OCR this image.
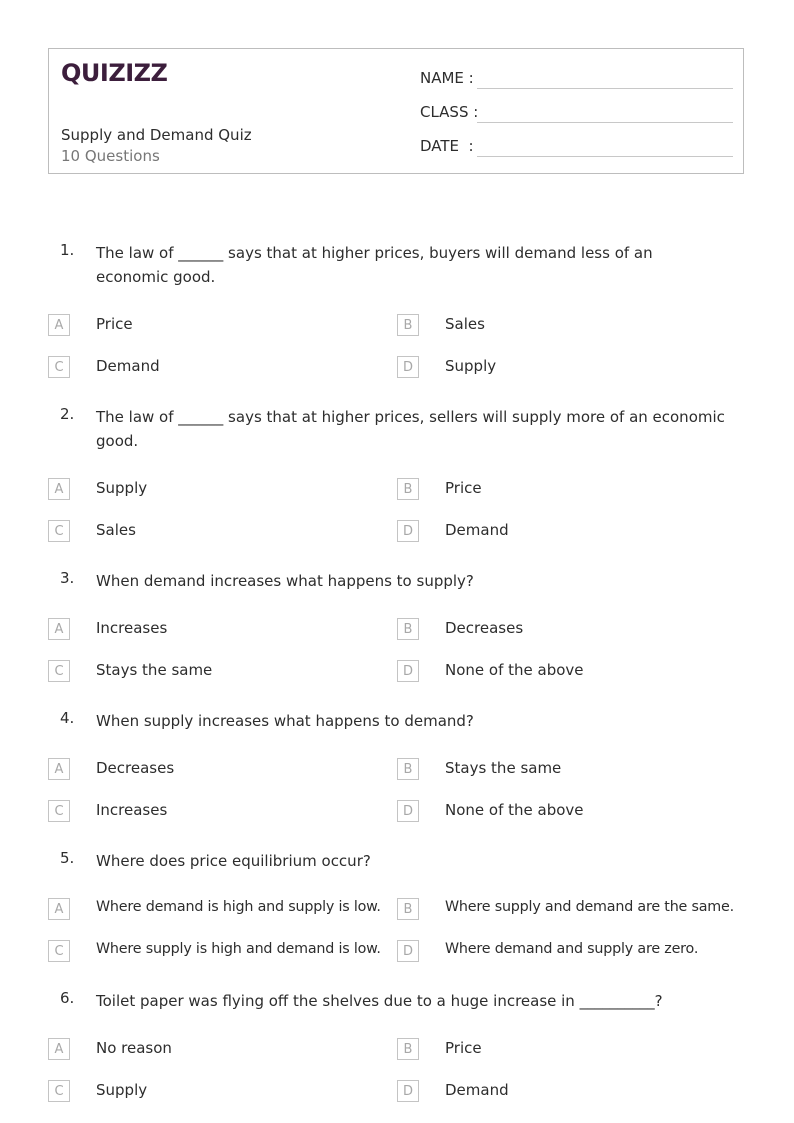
QUIZIZZ
Supply and Demand Quiz
10 Questions
NAME :
CLASS :
DATE  :
1. The law of ______ says that at higher prices, buyers will demand less of an economic good.
A	Price	B	Sales
C	Demand	D	Supply
2. The law of ______ says that at higher prices, sellers will supply more of an economic good.
A	Supply	B	Price
C	Sales	D	Demand
3. When demand increases what happens to supply?
A	Increases	B	Decreases
C	Stays the same	D	None of the above
4. When supply increases what happens to demand?
A	Decreases	B	Stays the same
C	Increases	D	None of the above
5. Where does price equilibrium occur?
A	Where demand is high and supply is low.	B	Where supply and demand are the same.
C	Where supply is high and demand is low.	D	Where demand and supply are zero.
6. Toilet paper was flying off the shelves due to a huge increase in __________?
A	No reason	B	Price
C	Supply	D	Demand
